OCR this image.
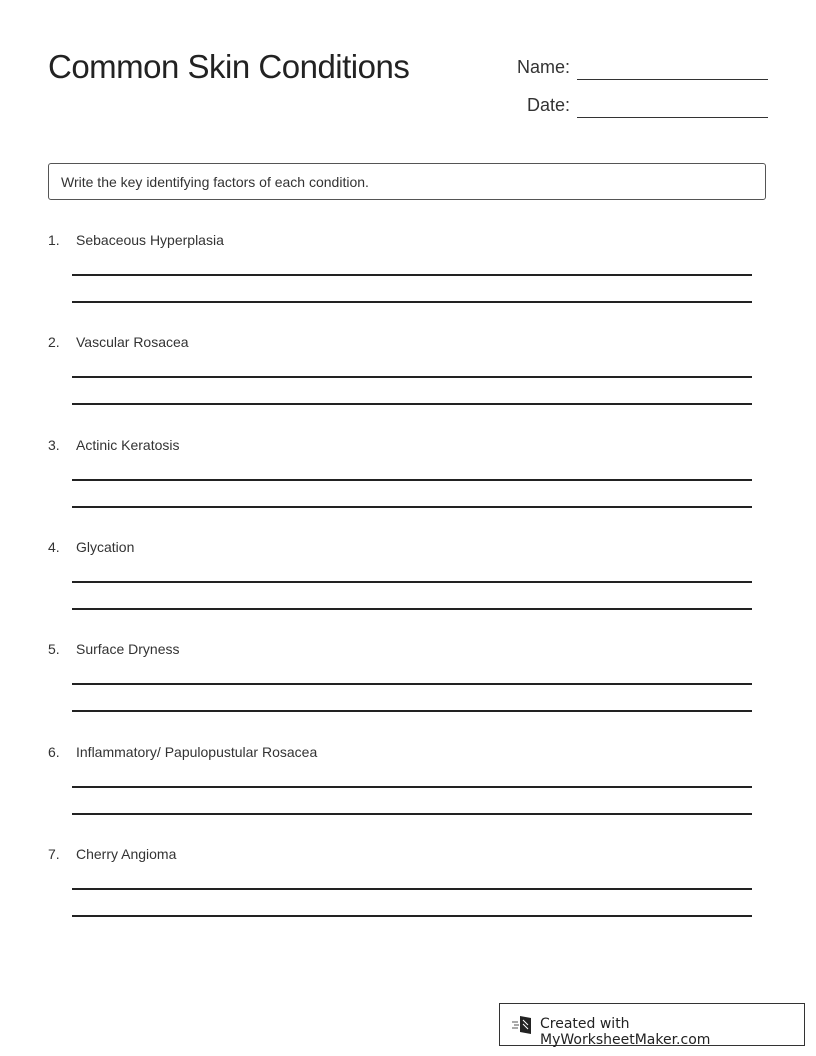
Common Skin Conditions	Name:
Date:
Write the key identifying factors of each condition.
1. Sebaceous Hyperplasia
2. Vascular Rosacea
3. Actinic Keratosis
4. Glycation
5. Surface Dryness
6. Inflammatory/ Papulopustular Rosacea
7. Cherry Angioma
Created with MyWorksheetMaker.com
